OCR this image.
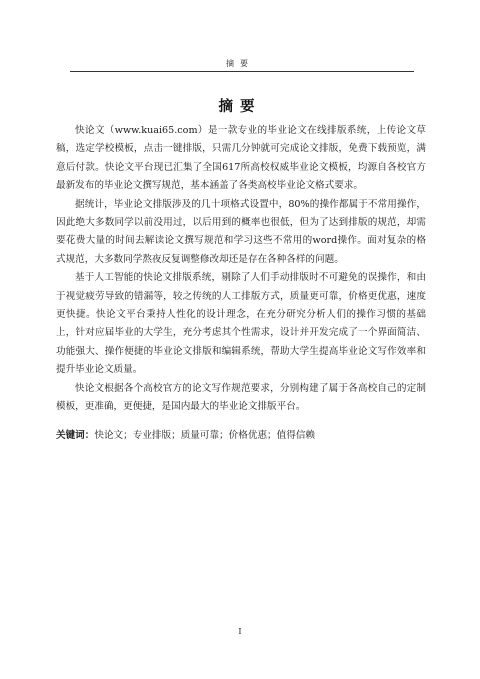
摘要
摘要

快论文（www.kuai65.com）是一款专业的毕业论文在线排版系统，上传论文草稿，选定学校模板，点击一键排版，只需几分钟就可完成论文排版，免费下载预览，满意后付款。快论文平台现已汇集了全国617所高校权威毕业论文模板，均源自各校官方最新发布的毕业论文撰写规范，基本涵盖了各类高校毕业论文格式要求。

据统计，毕业论文排版涉及的几十项格式设置中，80%的操作都属于不常用操作，因此绝大多数同学以前没用过，以后用到的概率也很低，但为了达到排版的规范，却需要花费大量的时间去解读论文撰写规范和学习这些不常用的word操作。面对复杂的格式规范，大多数同学熬夜反复调整修改却还是存在各种各样的问题。

基于人工智能的快论文排版系统，剔除了人们手动排版时不可避免的误操作，和由于视觉疲劳导致的错漏等，较之传统的人工排版方式，质量更可靠，价格更优惠，速度更快捷。快论文平台秉持人性化的设计理念，在充分研究分析人们的操作习惯的基础上，针对应届毕业的大学生，充分考虑其个性需求，设计并开发完成了一个界面简洁、功能强大、操作便捷的毕业论文排版和编辑系统，帮助大学生提高毕业论文写作效率和提升毕业论文质量。

快论文根据各个高校官方的论文写作规范要求，分别构建了属于各高校自己的定制模板，更准确，更便捷，是国内最大的毕业论文排版平台。

关键词：快论文；专业排版；质量可靠；价格优惠；值得信赖
I
